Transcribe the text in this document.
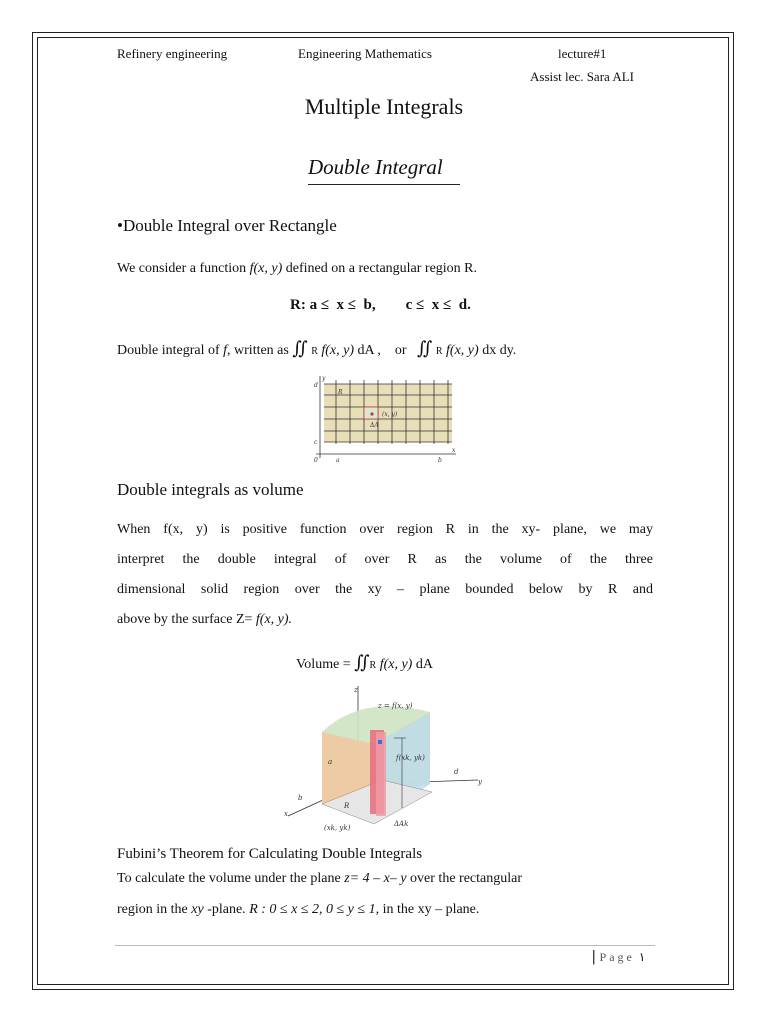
Refinery engineering	Engineering Mathematics	lecture#1
Assist lec. Sara ALI
Multiple Integrals
Double Integral
•Double Integral over Rectangle
We consider a function f(x, y) defined on a rectangular region R.
R: a ≤  x ≤  b,        c ≤  x ≤  d.
Double integral of f, written as ∬ R f(x, y) dA , or ∬ R f(x, y) dx dy.
y
d
R
c
0	a	b
x
ΔA
(x, y)
Double integrals as volume
When f(x, y) is positive function over region R in the xy- plane, we may
interpret the double integral of over R as the volume of the three
dimensional solid region over the xy – plane bounded below by R and
above by the surface Z= f(x, y).
Volume = ∬R f(x, y) dA
z
z = f(x, y)
a	f(xk, yk)
d
y
b
R
x
(xk, yk)	ΔAk
Fubini’s Theorem for Calculating Double Integrals
To calculate the volume under the plane z= 4 – x– y over the rectangular
region in the xy -plane. R : 0 ≤ x ≤ 2, 0 ≤ y ≤ 1, in the xy – plane.
| Page ١
